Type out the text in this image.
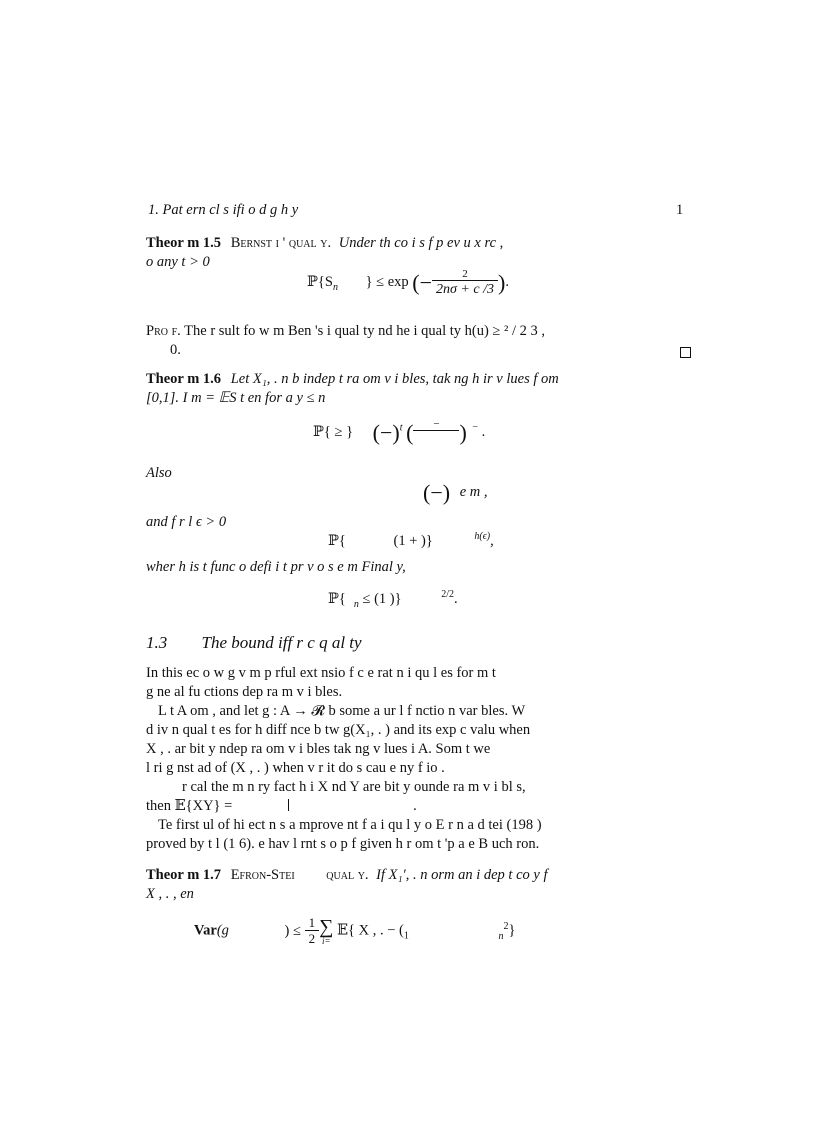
1. Pat ern cl s ifi o d g h y	1
Theor m 1.5 Bernst i ' qual y. Under th co i s f p ev u x rc ,
o any t > 0
$ℙ\{S_n$ } ≤ exp (− $\frac{2}{2n\sigma + c /3}$ ).
Pro f. The r sult fo w m Ben 's i qual ty nd he i qual ty h(u) ≥ ² / 2 3 ,
0.
Theor m 1.6 Let X₁, . n b indep t ra om v i bles, tak ng h ir v lues f om
[0,1]. I m = 𝔼S t en for a y ≤ n
ℙ{ ≥ } $(-)^t$ (	−
) − .
Also
(−) e m ,
and f r l ϵ > 0
ℙ{	(1 + )}	$^{h(\epsilon)}$,
wher h is t func o defi i t pr v o s e m Final y,
ℙ{ $_n$ ≤ (1 )}	$^{2/2}$.
1.3 The bound iff r c q al ty
In this ec o w g v m p rful ext nsio f c e rat n i qu l es for m t
g ne al fu ctions dep ra m v i bles.
L t A om , and let g : A → 𝓡 b some a ur l f nctio n var bles. W
d iv n qual t es for h diff nce b tw g(X₁, . ) and its exp c valu when
X , . ar bit y ndep ra om v i bles tak ng v lues i A. Som t we
l ri g nst ad of (X , . ) when v r it do s cau e ny f io .
r cal the m n ry fact h i X nd Y are bit y ounde ra m v i bl s,
then 𝔼{XY} =	.
Te first ul of hi ect n s a mprove nt f a i qu l y o E r n a d tei (198 )
proved by t l (1 6). e hav l rnt s o p f given h r om t 'p a e B uch ron.
Theor m 1.7 Efron-Stei qual y. If X₁′, . n orm an i dep t co y f
X , . , en
Var(g	) ≤ $\frac{1}{2}$ ∑
i=
𝔼{ X , . − ($_1$	$_n^2$}
